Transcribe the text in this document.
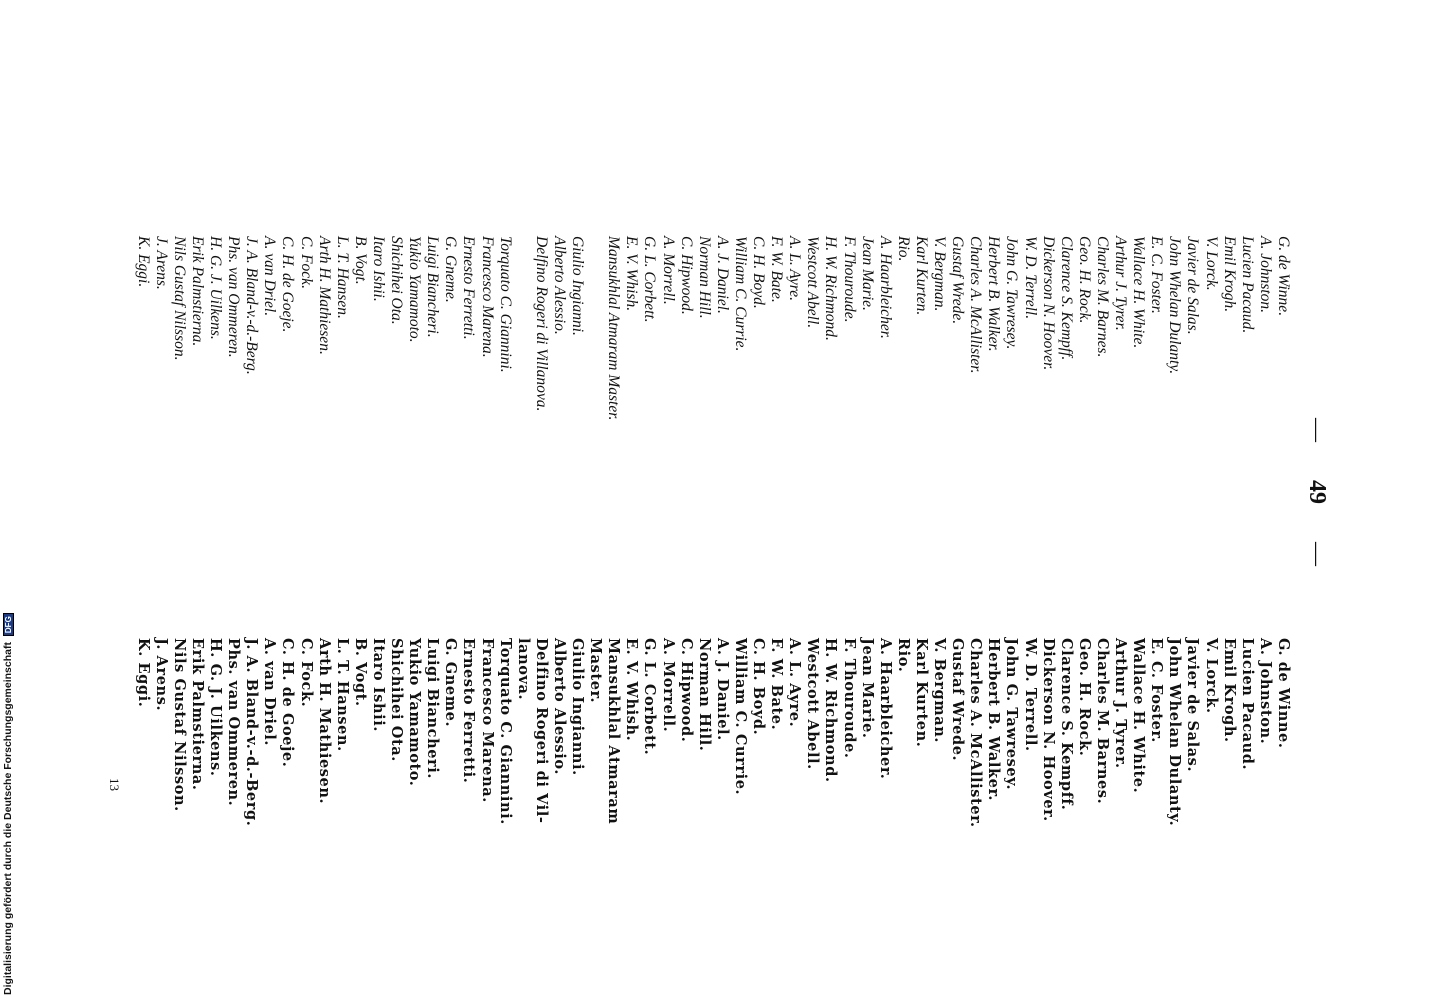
G. de Winne.
A. Johnston.
Lucien Pacaud.
Emil Krogh.
V. Lorck.
Javier de Salas.
John Whelan Dulanty.
E. C. Foster.
Wallace H. White.
Arthur J. Tyrer.
Charles M. Barnes.
Geo. H. Rock.
Clarence S. Kempff.
Dickerson N. Hoover.
W. D. Terrell.
John G. Tawresey.
Herbert B. Walker.
Charles A. McAllister.
Gustaf Wrede.
V. Bergman.
Karl Kurten.
Rio.
A. Haarbleicher.
Jean Marie.
F. Thouroude.
H. W. Richmond.
Westcott Abell.
A. L. Ayre.
F. W. Bate.
C. H. Boyd.
William C. Currie.
A. J. Daniel.
Norman Hill.
C. Hipwood.
A. Morrell.
G. L. Corbett.
E. V. Whish.
Mansukhlal Atmaram Master.
Giulio Ingianni.
Alberto Alessio.
Delfino Rogeri di Villanova.
Torquato C. Giannini.
Francesco Marena.
Ernesto Ferretti.
G. Gneme.
Luigi Biancheri.
Yukio Yamamoto.
Shichihei Ota.
Itaro Ishii.
B. Vogt.
L. T. Hansen.
Arth H. Mathiesen.
C. Fock.
C. H. de Goeje.
A. van Driel.
J. A. Bland-v.-d.-Berg.
Phs. van Ommeren.
H. G. J. Uilkens.
Erik Palmstierna.
Nils Gustaf Nilsson.
J. Arens.
K. Eggi.
G. de Winne.
A. Johnston.
Lucien Pacaud.
Emil Krogh.
V. Lorck.
Javier de Salas.
John Whelan Dulanty.
E. C. Foster.
Wallace H. White.
Arthur J. Tyrer.
Charles M. Barnes.
Geo. H. Rock.
Clarence S. Kempff.
Dickerson N. Hoover.
W. D. Terrell.
John G. Tawresey.
Herbert B. Walker.
Charles A. McAllister.
Gustaf Wrede.
V. Bergman.
Karl Kurten.
Rio.
A. Haarbleicher.
Jean Marie.
F. Thouroude.
H. W. Richmond.
Westcott Abell.
A. L. Ayre.
F. W. Bate.
C. H. Boyd.
William C. Currie.
A. J. Daniel.
Norman Hill.
C. Hipwood.
A. Morrell.
G. L. Corbett.
E. V. Whish.
Mansukhlal Atmaram
Master.
Giulio Ingianni.
Alberto Alessio.
Delfino Rogeri di Vil-
lanova.
Torquato C. Giannini.
Francesco Marena.
Ernesto Ferretti.
G. Gneme.
Luigi Biancheri.
Yukio Yamamoto.
Shichihei Ota.
Itaro Ishii.
B. Vogt.
L. T. Hansen.
Arth H. Mathiesen.
C. Fock.
C. H. de Goeje.
A. van Driel.
J. A. Bland-v.-d.-Berg.
Phs. van Ommeren.
H. G. J. Uilkens.
Erik Palmstierna.
Nils Gustaf Nilsson.
J. Arens.
K. Eggi.
—  49  —
13
Digitalisierung gefördert durch die Deutsche Forschungsgemeinschaft DFG
